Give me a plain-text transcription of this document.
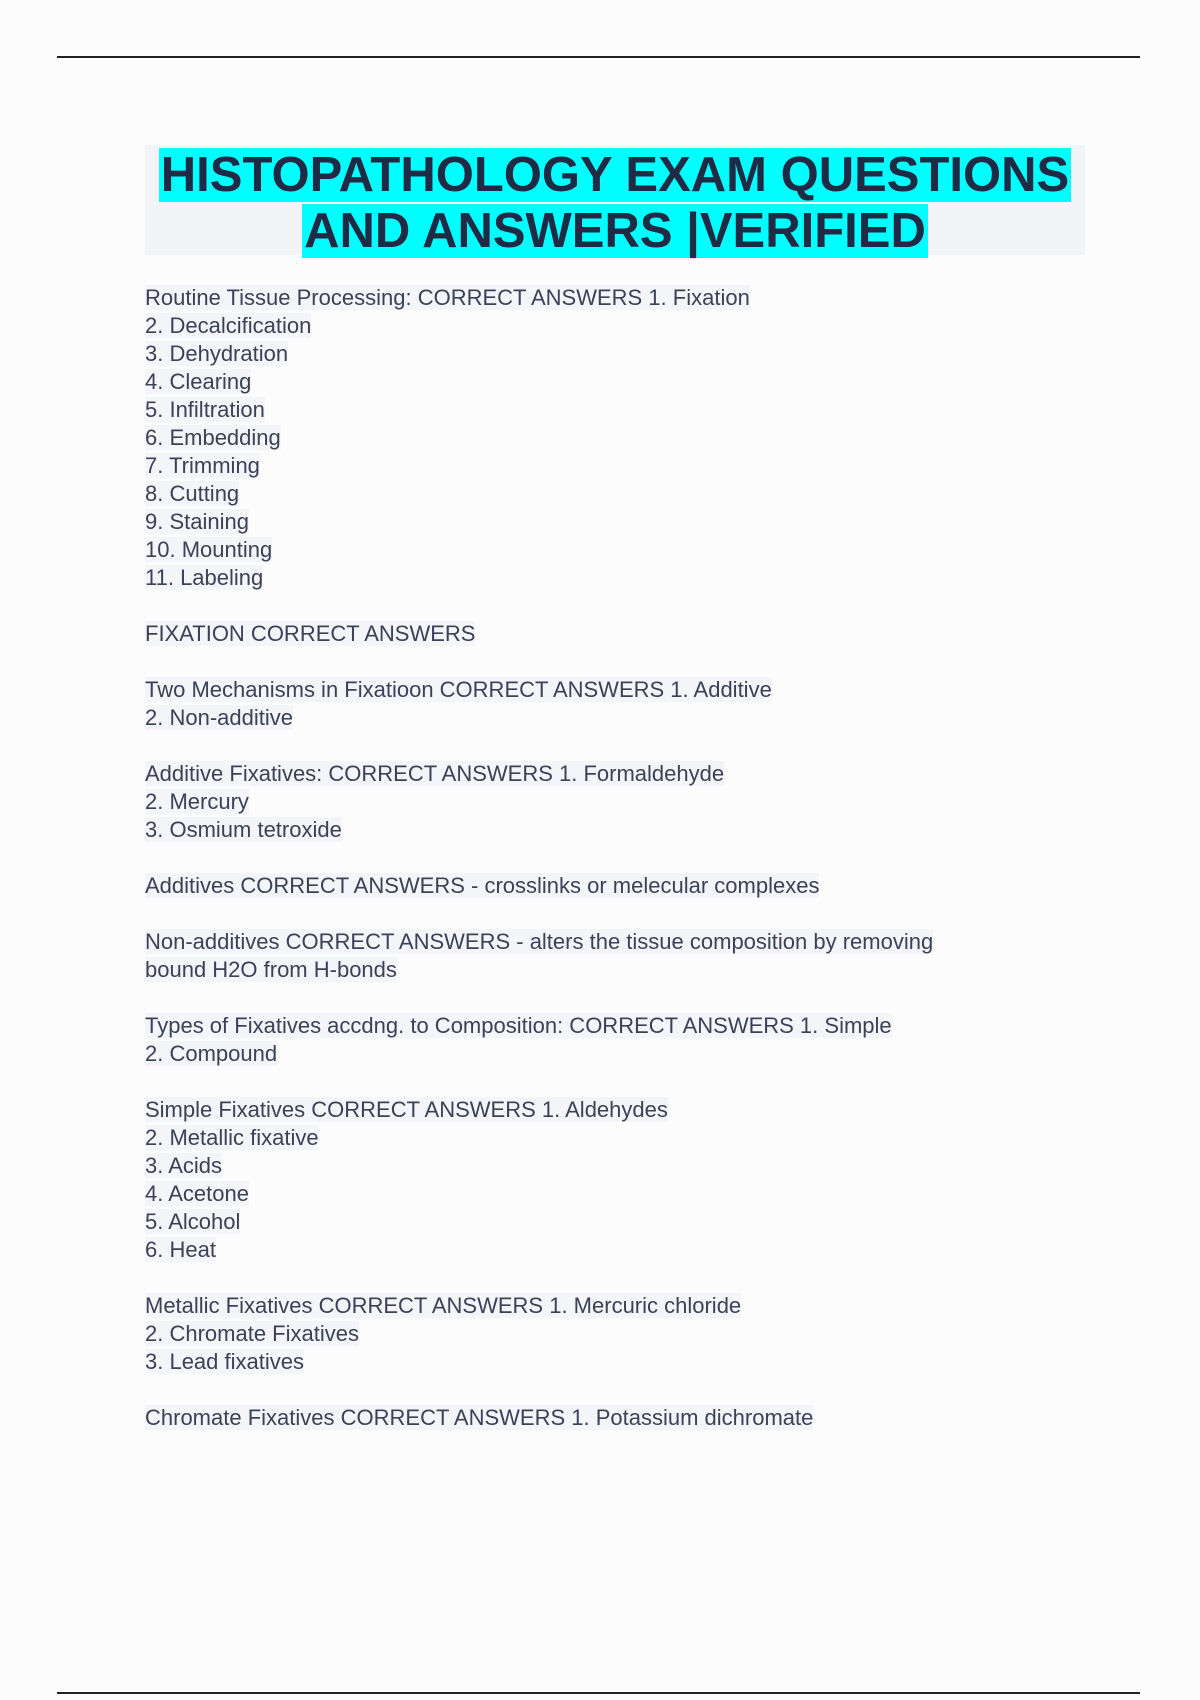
HISTOPATHOLOGY EXAM QUESTIONS
AND ANSWERS |VERIFIED

Routine Tissue Processing: CORRECT ANSWERS 1. Fixation
2. Decalcification
3. Dehydration
4. Clearing
5. Infiltration
6. Embedding
7. Trimming
8. Cutting
9. Staining
10. Mounting
11. Labeling

FIXATION CORRECT ANSWERS

Two Mechanisms in Fixatioon CORRECT ANSWERS 1. Additive
2. Non-additive

Additive Fixatives: CORRECT ANSWERS 1. Formaldehyde
2. Mercury
3. Osmium tetroxide

Additives CORRECT ANSWERS - crosslinks or melecular complexes

Non-additives CORRECT ANSWERS - alters the tissue composition by removing
bound H2O from H-bonds

Types of Fixatives accdng. to Composition: CORRECT ANSWERS 1. Simple
2. Compound

Simple Fixatives CORRECT ANSWERS 1. Aldehydes
2. Metallic fixative
3. Acids
4. Acetone
5. Alcohol
6. Heat

Metallic Fixatives CORRECT ANSWERS 1. Mercuric chloride
2. Chromate Fixatives
3. Lead fixatives

Chromate Fixatives CORRECT ANSWERS 1. Potassium dichromate
